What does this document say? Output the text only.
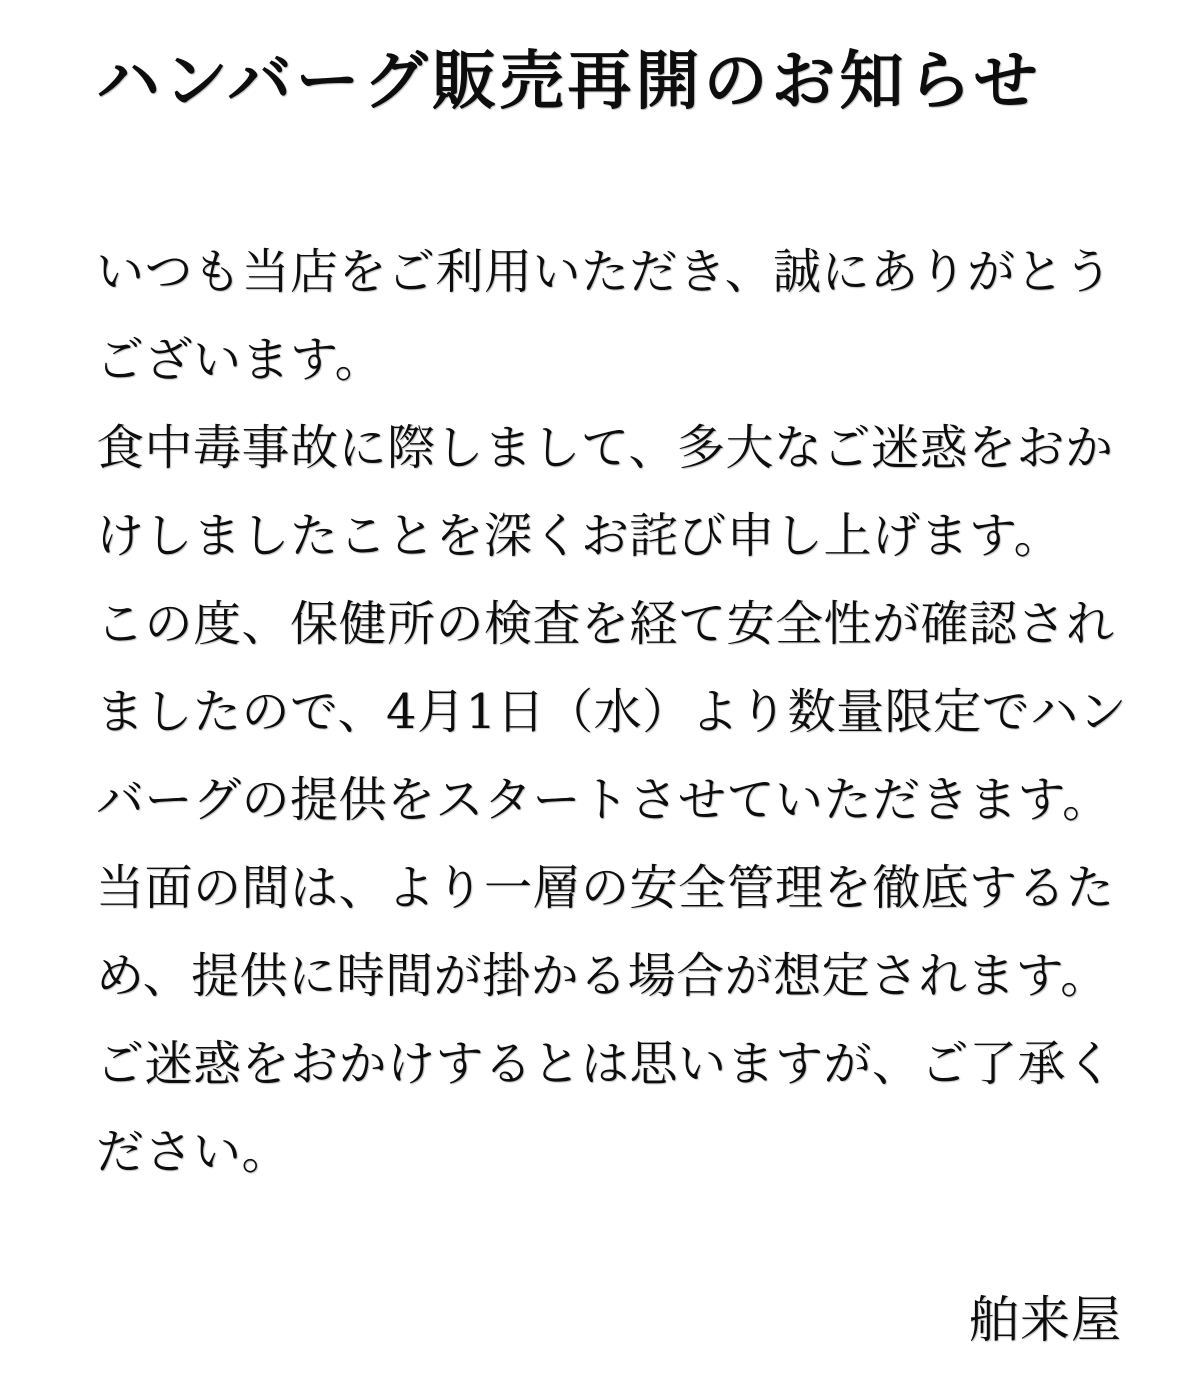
ハンバーグ販売再開のお知らせ
いつも当店をご利用いただき、誠にありがとう
ございます。
食中毒事故に際しまして、多大なご迷惑をおか
けしましたことを深くお詫び申し上げます。
この度、保健所の検査を経て安全性が確認され
ましたので、4月1日（水）より数量限定でハン
バーグの提供をスタートさせていただきます。
当面の間は、より一層の安全管理を徹底するた
め、提供に時間が掛かる場合が想定されます。
ご迷惑をおかけするとは思いますが、ご了承く
ださい。
舶来屋
